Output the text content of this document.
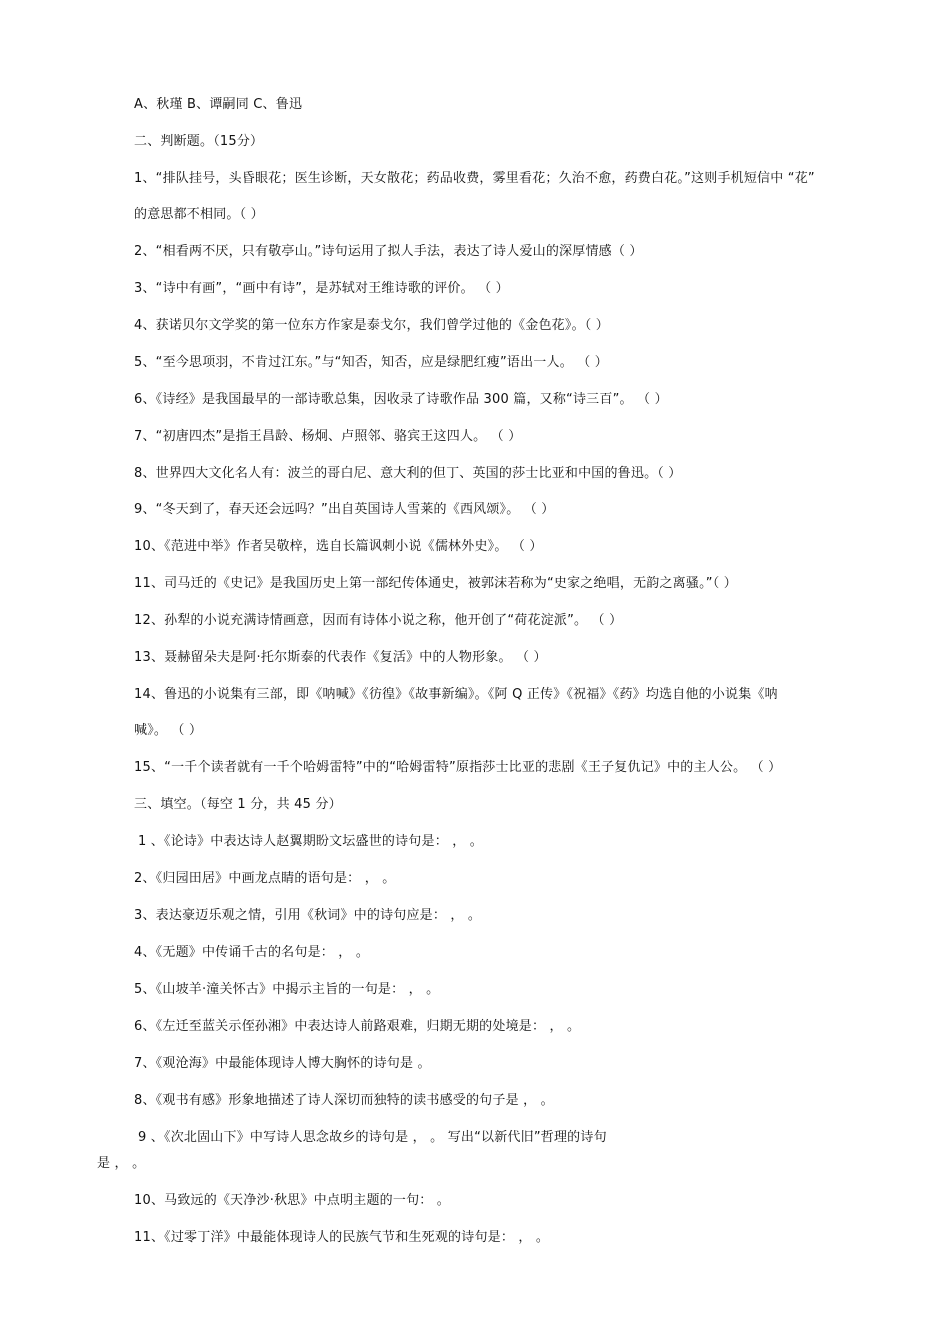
A、秋瑾 B、谭嗣同 C、鲁迅
二、判断题。（15分）
1、“排队挂号，头昏眼花；医生诊断，天女散花；药品收费，雾里看花；久治不愈，药费白花。”这则手机短信中 “花”
的意思都不相同。（ ）
2、“相看两不厌，只有敬亭山。”诗句运用了拟人手法，表达了诗人爱山的深厚情感（ ）
3、“诗中有画”，“画中有诗”，是苏轼对王维诗歌的评价。 （ ）
4、获诺贝尔文学奖的第一位东方作家是泰戈尔，我们曾学过他的《金色花》。（ ）
5、“至今思项羽，不肯过江东。”与“知否，知否，应是绿肥红瘦”语出一人。 （ ）
6、《诗经》是我国最早的一部诗歌总集，因收录了诗歌作品 300 篇，又称“诗三百”。 （ ）
7、“初唐四杰”是指王昌龄、杨炯、卢照邻、骆宾王这四人。 （ ）
8、世界四大文化名人有：波兰的哥白尼、意大利的但丁、英国的莎士比亚和中国的鲁迅。（ ）
9、“冬天到了，春天还会远吗？”出自英国诗人雪莱的《西风颂》。 （ ）
10、《范进中举》作者吴敬梓，选自长篇讽刺小说《儒林外史》。 （ ）
11、司马迁的《史记》是我国历史上第一部纪传体通史，被郭沫若称为“史家之绝唱，无韵之离骚。”（ ）
12、孙犁的小说充满诗情画意，因而有诗体小说之称，他开创了“荷花淀派”。 （ ）
13、聂赫留朵夫是阿·托尔斯泰的代表作《复活》中的人物形象。 （ ）
14、鲁迅的小说集有三部，即《呐喊》《彷徨》《故事新编》。《阿 Q 正传》《祝福》《药》均选自他的小说集《呐
喊》。 （ ）
15、“一千个读者就有一千个哈姆雷特”中的“哈姆雷特”原指莎士比亚的悲剧《王子复仇记》中的主人公。 （ ）
三、填空。（每空 1 分，共 45 分）
1 、《论诗》中表达诗人赵翼期盼文坛盛世的诗句是： ， 。
2、《归园田居》中画龙点睛的语句是： ， 。
3、表达豪迈乐观之情，引用《秋词》中的诗句应是： ， 。
4、《无题》中传诵千古的名句是： ， 。
5、《山坡羊·潼关怀古》中揭示主旨的一句是： ， 。
6、《左迁至蓝关示侄孙湘》中表达诗人前路艰难，归期无期的处境是： ， 。
7、《观沧海》中最能体现诗人博大胸怀的诗句是 。
8、《观书有感》形象地描述了诗人深切而独特的读书感受的句子是 ， 。
9 、《次北固山下》中写诗人思念故乡的诗句是 ， 。 写出“以新代旧”哲理的诗句
是 ， 。
10、马致远的《天净沙·秋思》中点明主题的一句： 。
11、《过零丁洋》中最能体现诗人的民族气节和生死观的诗句是： ， 。
